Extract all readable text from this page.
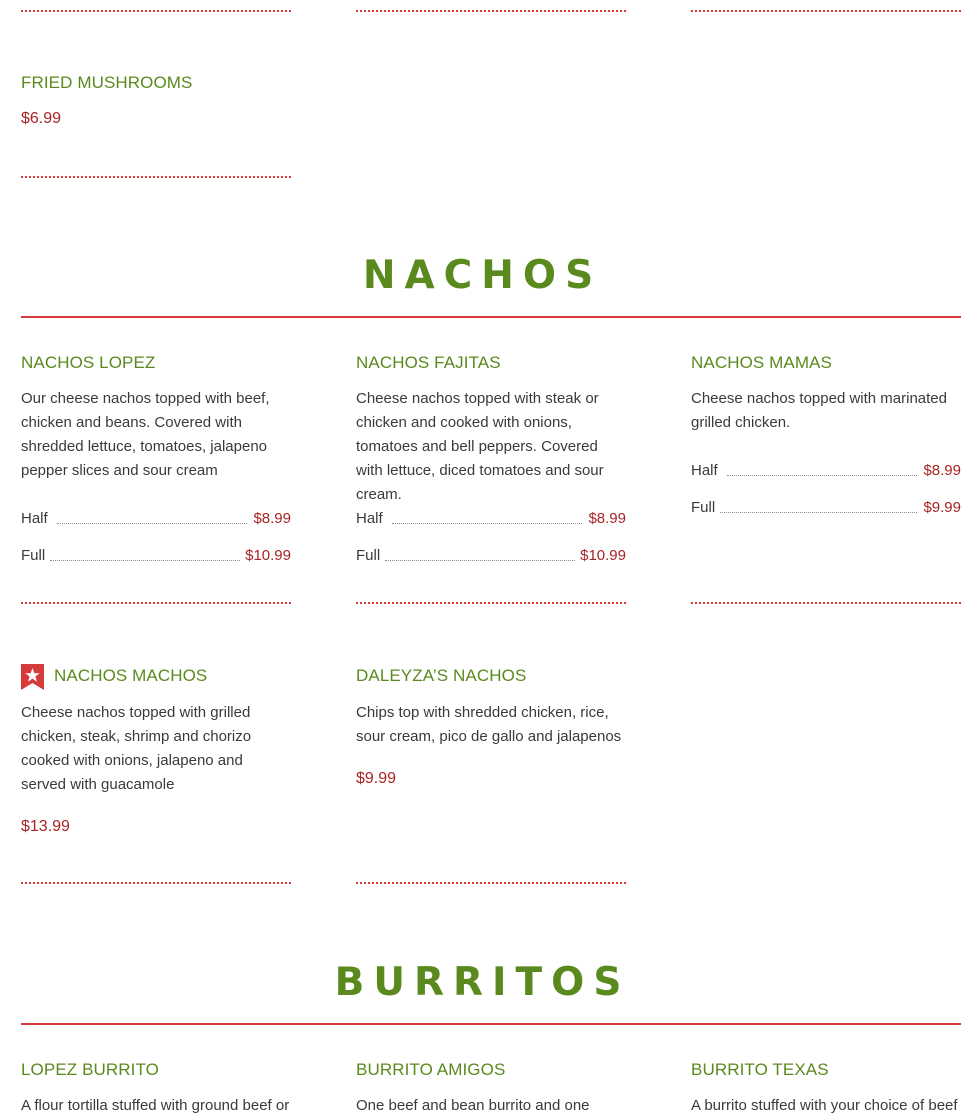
FRIED MUSHROOMS
$6.99
NACHOS
NACHOS LOPEZ
Our cheese nachos topped with beef, chicken and beans. Covered with shredded lettuce, tomatoes, jalapeno pepper slices and sour cream
Half	$8.99
Full	$10.99
NACHOS FAJITAS
Cheese nachos topped with steak or chicken and cooked with onions, tomatoes and bell peppers. Covered with lettuce, diced tomatoes and sour cream.
Half	$8.99
Full	$10.99
NACHOS MAMAS
Cheese nachos topped with marinated grilled chicken.
Half	$8.99
Full	$9.99
NACHOS MACHOS
Cheese nachos topped with grilled chicken, steak, shrimp and chorizo cooked with onions, jalapeno and served with guacamole
$13.99
DALEYZA’S NACHOS
Chips top with shredded chicken, rice, sour cream, pico de gallo and jalapenos
$9.99
BURRITOS
LOPEZ BURRITO
A flour tortilla stuffed with ground beef or
BURRITO AMIGOS
One beef and bean burrito and one
BURRITO TEXAS
A burrito stuffed with your choice of beef
